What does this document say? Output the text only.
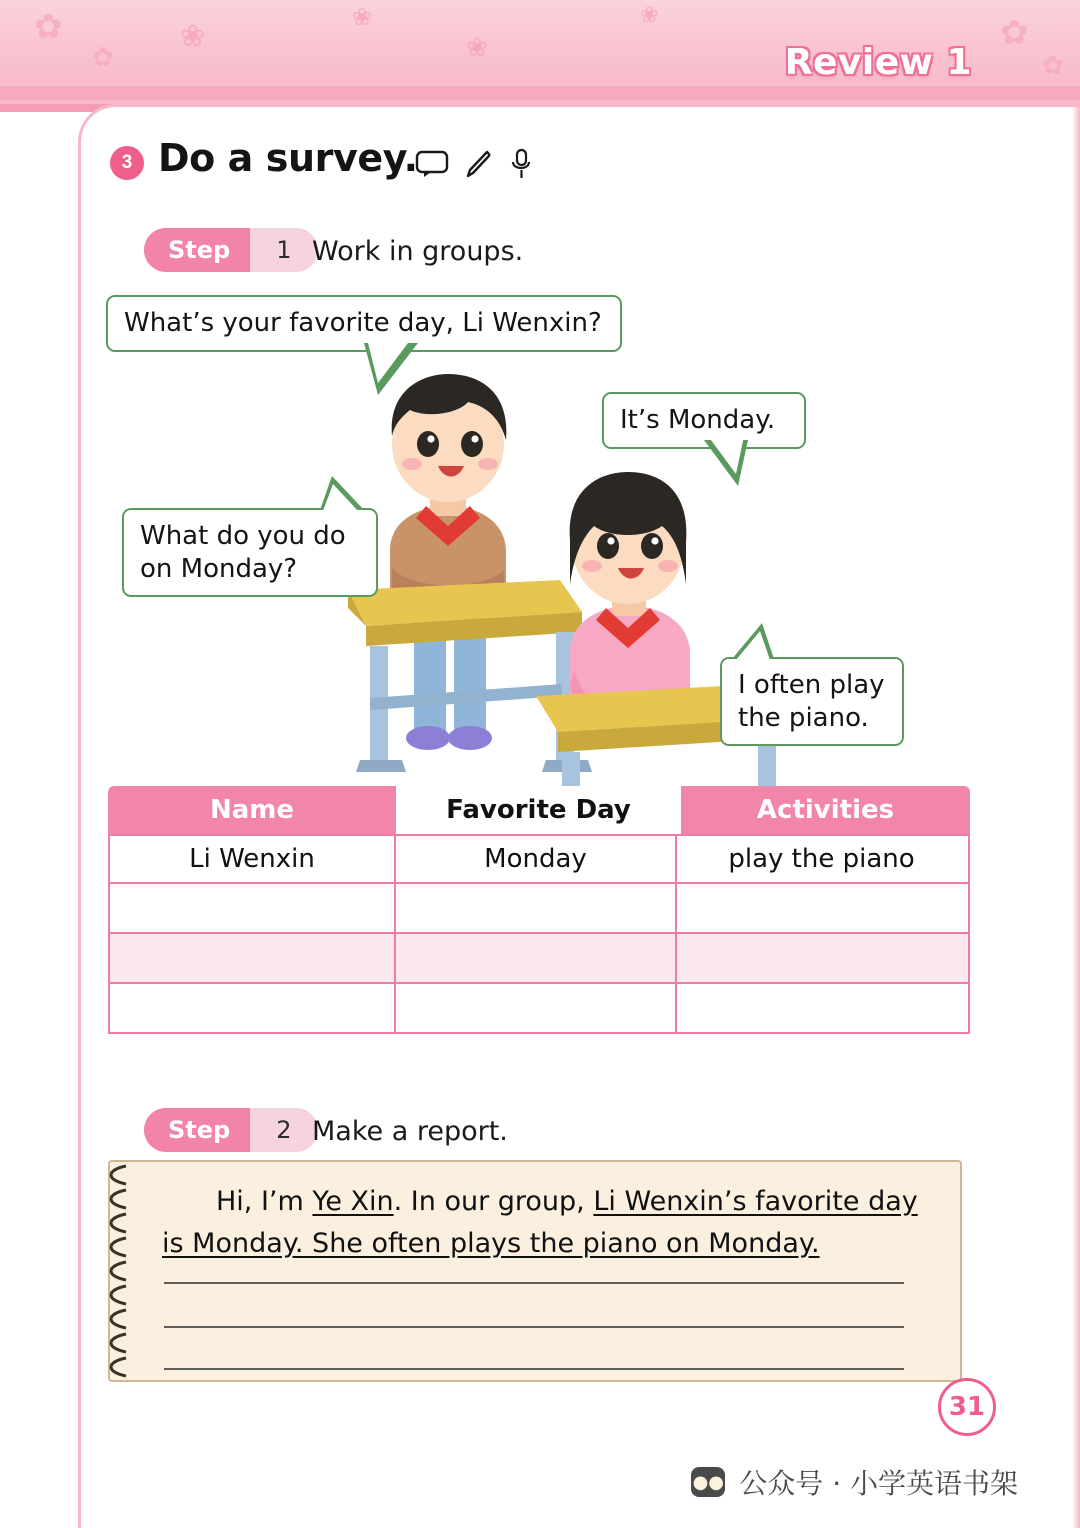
❀
❀
❀
✿
✿
✿
✿
❀
Review 1
3 Do a survey.
Step	1 Work in groups.
What’s your favorite day, Li Wenxin?
It’s Monday.
What do you do
on Monday?
I often play
the piano.
Name	Favorite Day	Activities
Li Wenxin	Monday	play the piano
Step	2 Make a report.
Hi, I’m Ye Xin. In our group, Li Wenxin’s favorite day
is Monday. She often plays the piano on Monday.
31
●● 公众号 · 小学英语书架
